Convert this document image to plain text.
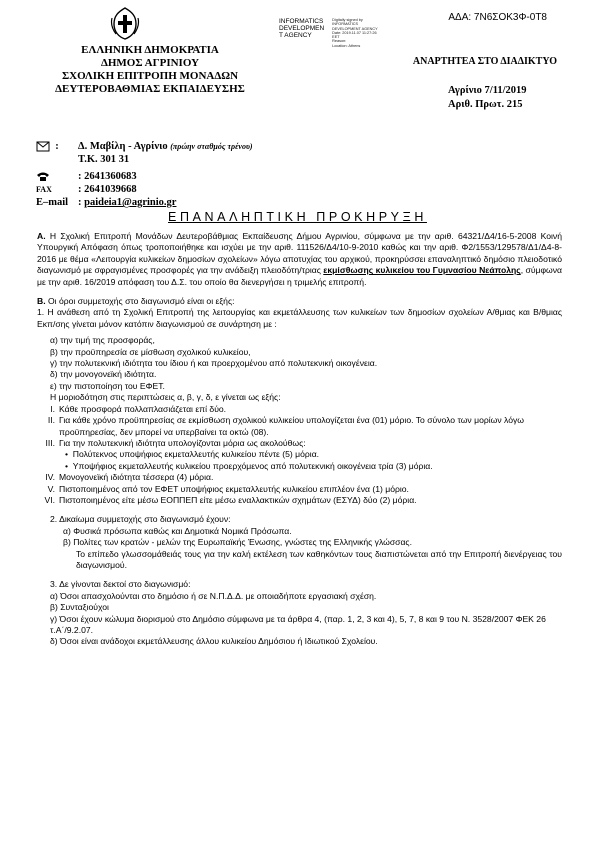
ΑΔΑ: 7Ν6ΣΟΚ3Φ-0Τ8
ΕΛΛΗΝΙΚΗ ΔΗΜΟΚΡΑΤΙΑ
ΔΗΜΟΣ ΑΓΡΙΝΙΟΥ
ΣΧΟΛΙΚΗ ΕΠΙΤΡΟΠΗ ΜΟΝΑΔΩΝ
ΔΕΥΤΕΡΟΒΑΘΜΙΑΣ ΕΚΠΑΙΔΕΥΣΗΣ
INFORMATICS
DEVELOPMEN
T AGENCY

Digitally signed by
INFORMATICS
DEVELOPMENT AGENCY
Date: 2019.11.07 11:27:26
EET
Reason:
Location: Athens
ΑΝΑΡΤΗΤΕΑ ΣΤΟ ΔΙΑΔΙΚΤΥΟ
Αγρίνιο 7/11/2019
Αριθ. Πρωτ. 215
:	Δ. Μαβίλη - Αγρίνιο (πρώην σταθμός τρένου)
Τ.Κ. 301 31
: 2641360683
FAX	: 2641039668
E–mail : paideia1@agrinio.gr
ΕΠΑΝΑΛΗΠΤΙΚΗ ΠΡΟΚΗΡΥΞΗ

Α. Η Σχολική Επιτροπή Μονάδων Δευτεροβάθμιας Εκπαίδευσης Δήμου Αγρινίου, σύμφωνα με την αριθ. 64321/Δ4/16-5-2008 Κοινή Υπουργική Απόφαση όπως τροποποιήθηκε και ισχύει με την αριθ. 111526/Δ4/10-9-2010 καθώς και την αριθ. Φ2/1553/129578/Δ1/Δ4-8-2016 με θέμα «Λειτουργία κυλικείων δημοσίων σχολείων» λόγω αποτυχίας του αρχικού, προκηρύσσει επαναληπτικό δημόσιο πλειοδοτικό διαγωνισμό με σφραγισμένες προσφορές για την ανάδειξη πλειοδότη/τριας εκμίσθωσης κυλικείου του Γυμνασίου Νεάπολης, σύμφωνα με την αριθ. 16/2019 απόφαση του Δ.Σ. του οποίο θα διενεργήσει η τριμελής επιτροπή.

Β. Οι όροι συμμετοχής στο διαγωνισμό είναι οι εξής:

1. Η ανάθεση από τη Σχολική Επιτροπή της λειτουργίας και εκμετάλλευσης των κυλικείων των δημοσίων σχολείων Α/θμιας και Β/θμιας Εκπ/σης γίνεται μόνον κατόπιν διαγωνισμού σε συνάρτηση με :

α) την τιμή της προσφοράς,

β) την προϋπηρεσία σε μίσθωση σχολικού κυλικείου,

γ) την πολυτεκνική ιδιότητα του ίδιου ή και προερχομένου από πολυτεκνική οικογένεια.

δ) την μονογονεϊκή ιδιότητα.

ε) την πιστοποίηση του ΕΦΕΤ.

Η μοριοδότηση στις περιπτώσεις α, β, γ, δ, ε γίνεται ως εξής:

I. Κάθε προσφορά πολλαπλασιάζεται επί δύο.
II. Για κάθε χρόνο προϋπηρεσίας σε εκμίσθωση σχολικού κυλικείου υπολογίζεται ένα (01) μόριο. Το σύνολο των μορίων λόγω προϋπηρεσίας, δεν μπορεί να υπερβαίνει τα οκτώ (08).
III. Για την πολυτεκνική ιδιότητα υπολογίζονται μόρια ως ακολούθως:

•  Πολύτεκνος υποψήφιος εκμεταλλευτής κυλικείου πέντε (5) μόρια.

•  Υποψήφιος εκμεταλλευτής κυλικείου προερχόμενος από πολυτεκνική οικογένεια τρία (3) μόρια.

IV. Μονογονεϊκή ιδιότητα τέσσερα (4) μόρια.
V. Πιστοποιημένος από τον ΕΦΕΤ υποψήφιος εκμεταλλευτής κυλικείου επιπλέον ένα (1) μόριο.
VI. Πιστοποιημένος είτε μέσω ΕΟΠΠΕΠ είτε μέσω εναλλακτικών σχημάτων (ΕΣΥΔ) δύο (2) μόρια.

2. Δικαίωμα συμμετοχής στο διαγωνισμό έχουν:

α) Φυσικά πρόσωπα καθώς και Δημοτικά Νομικά Πρόσωπα.

β) Πολίτες των κρατών - μελών της Ευρωπαϊκής Ένωσης, γνώστες της Ελληνικής γλώσσας.

Το επίπεδο γλωσσομάθειάς τους για την καλή εκτέλεση των καθηκόντων τους διαπιστώνεται από την Επιτροπή διενέργειας του διαγωνισμού.

3. Δε γίνονται δεκτοί στο διαγωνισμό:

α) Όσοι απασχολούνται στο δημόσιο ή σε Ν.Π.Δ.Δ. με οποιαδήποτε εργασιακή σχέση.

β) Συνταξιούχοι

γ) Όσοι έχουν κώλυμα διορισμού στο Δημόσιο σύμφωνα με τα άρθρα 4, (παρ. 1, 2, 3 και 4), 5, 7, 8 και 9 του Ν. 3528/2007 ΦΕΚ 26 τ.Α΄/9.2.07.

δ) Όσοι είναι ανάδοχοι εκμετάλλευσης άλλου κυλικείου Δημόσιου ή Ιδιωτικού Σχολείου.
